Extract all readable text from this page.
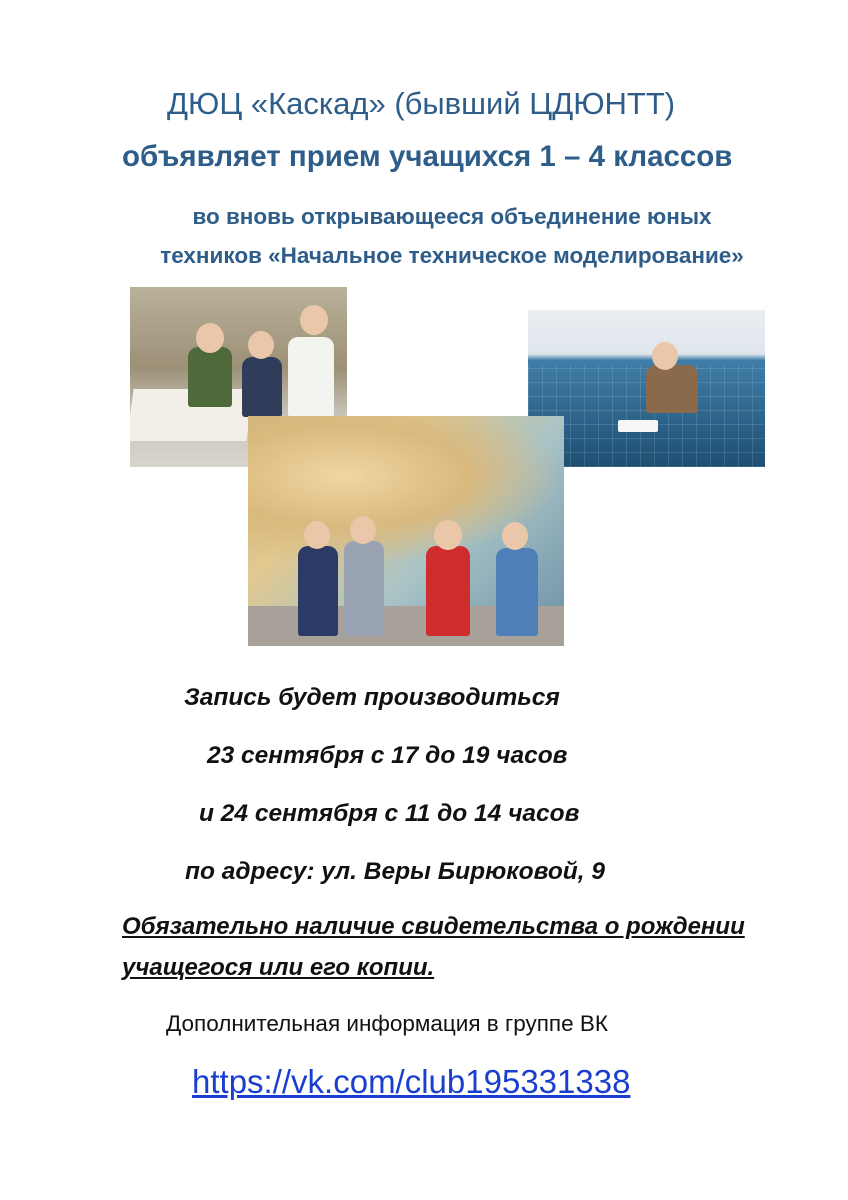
ДЮЦ «Каскад» (бывший ЦДЮНТТ)
объявляет прием учащихся 1 – 4 классов
во вновь открывающееся объединение юных
техников «Начальное техническое моделирование»
Запись будет производиться
23 сентября с 17 до 19 часов
и 24 сентября с 11 до 14 часов
по адресу: ул. Веры Бирюковой, 9
Обязательно наличие свидетельства о рождении
учащегося или его копии.
Дополнительная информация в группе ВК
https://vk.com/club195331338
